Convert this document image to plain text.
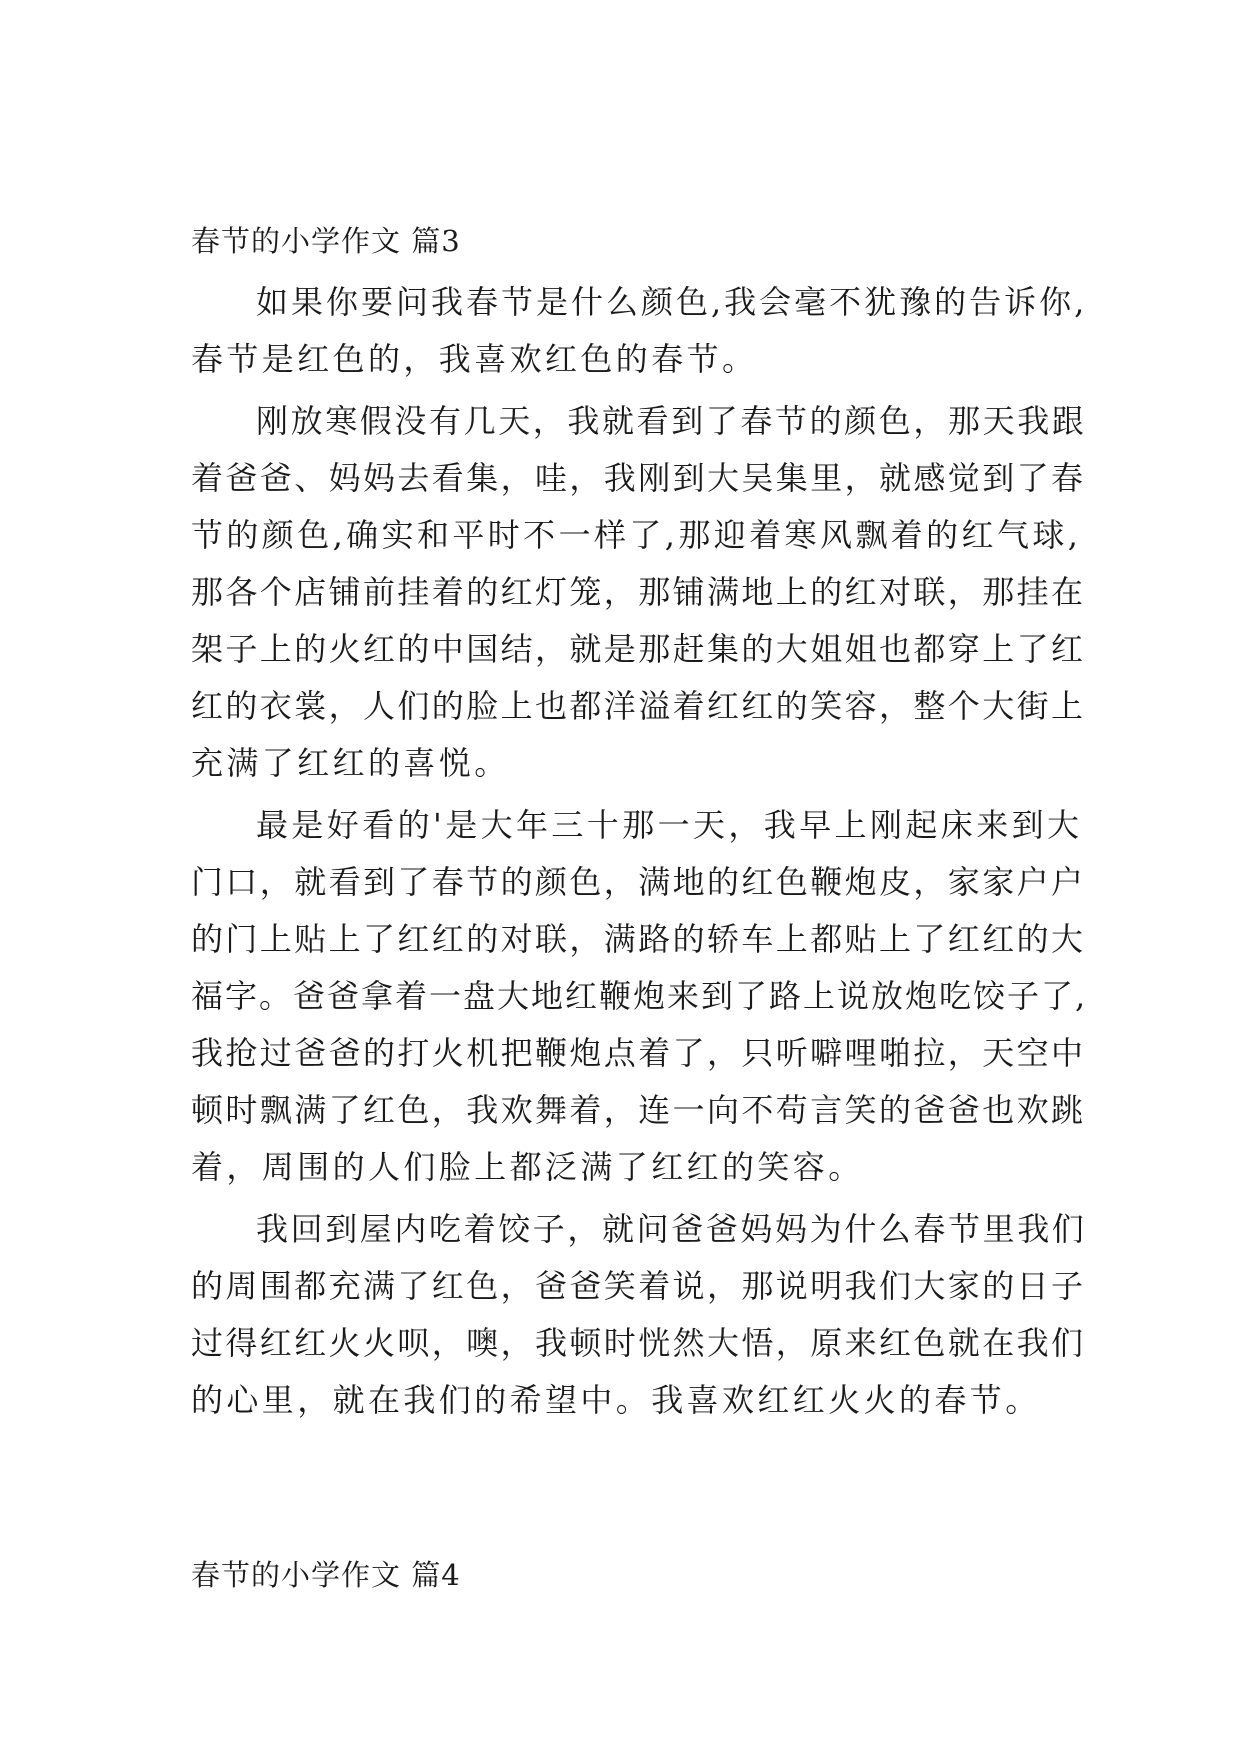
春节的小学作文 篇3
如果你要问我春节是什么颜色,我会毫不犹豫的告诉你,
春节是红色的，我喜欢红色的春节。
刚放寒假没有几天，我就看到了春节的颜色，那天我跟
着爸爸、妈妈去看集，哇，我刚到大吴集里，就感觉到了春
节的颜色,确实和平时不一样了,那迎着寒风飘着的红气球,
那各个店铺前挂着的红灯笼，那铺满地上的红对联，那挂在
架子上的火红的中国结，就是那赶集的大姐姐也都穿上了红
红的衣裳，人们的脸上也都洋溢着红红的笑容，整个大街上
充满了红红的喜悦。
最是好看的'是大年三十那一天，我早上刚起床来到大
门口，就看到了春节的颜色，满地的红色鞭炮皮，家家户户
的门上贴上了红红的对联，满路的轿车上都贴上了红红的大
福字。爸爸拿着一盘大地红鞭炮来到了路上说放炮吃饺子了,
我抢过爸爸的打火机把鞭炮点着了，只听噼哩啪拉，天空中
顿时飘满了红色，我欢舞着，连一向不苟言笑的爸爸也欢跳
着，周围的人们脸上都泛满了红红的笑容。
我回到屋内吃着饺子，就问爸爸妈妈为什么春节里我们
的周围都充满了红色，爸爸笑着说，那说明我们大家的日子
过得红红火火呗，噢，我顿时恍然大悟，原来红色就在我们
的心里，就在我们的希望中。我喜欢红红火火的春节。
春节的小学作文 篇4
